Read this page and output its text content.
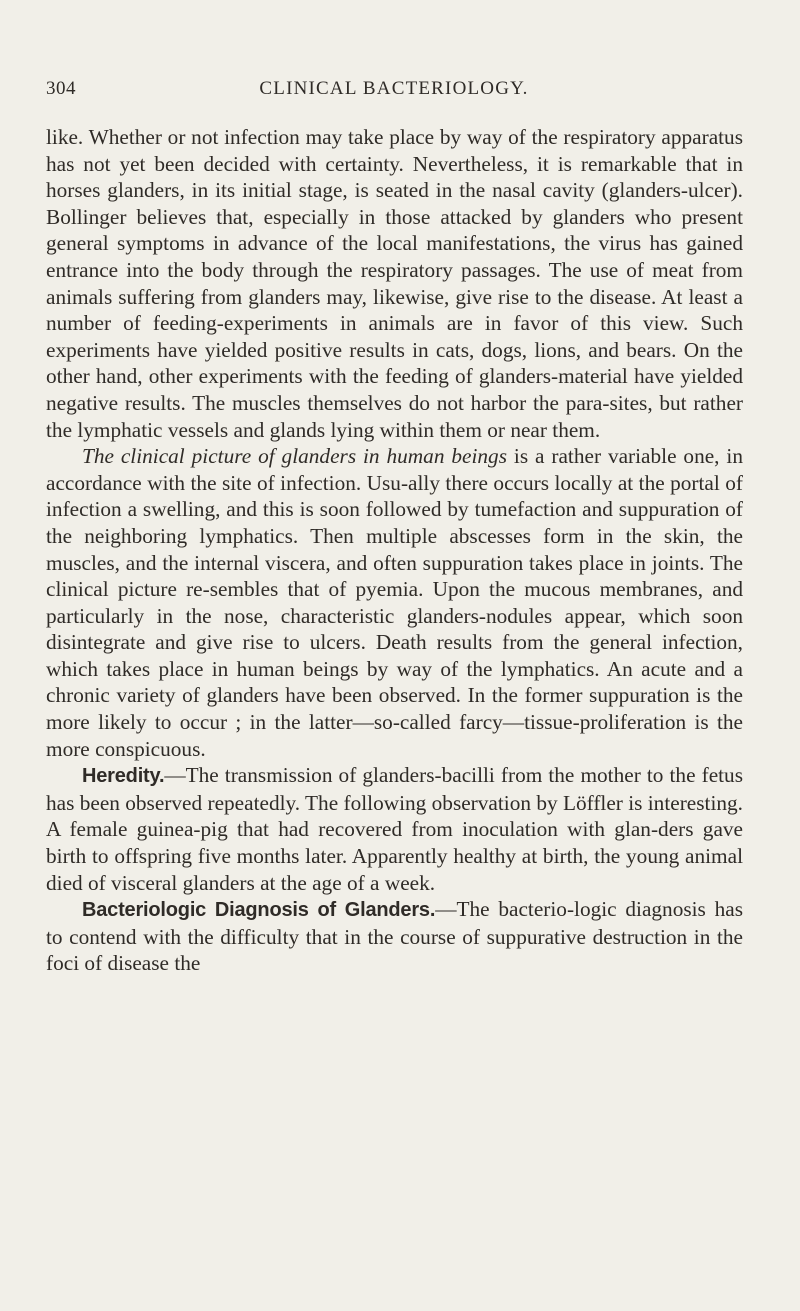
304	CLINICAL BACTERIOLOGY.

like. Whether or not infection may take place by way of the respiratory apparatus has not yet been decided with certainty. Nevertheless, it is remarkable that in horses glanders, in its initial stage, is seated in the nasal cavity (glanders-ulcer). Bollinger believes that, especially in those attacked by glanders who present general symptoms in advance of the local manifestations, the virus has gained entrance into the body through the respiratory passages. The use of meat from animals suffering from glanders may, likewise, give rise to the disease. At least a number of feeding-experiments in animals are in favor of this view. Such experiments have yielded positive results in cats, dogs, lions, and bears. On the other hand, other experiments with the feeding of glanders-material have yielded negative results. The muscles themselves do not harbor the para-sites, but rather the lymphatic vessels and glands lying within them or near them.

The clinical picture of glanders in human beings is a rather variable one, in accordance with the site of infection. Usu-ally there occurs locally at the portal of infection a swelling, and this is soon followed by tumefaction and suppuration of the neighboring lymphatics. Then multiple abscesses form in the skin, the muscles, and the internal viscera, and often suppuration takes place in joints. The clinical picture re-sembles that of pyemia. Upon the mucous membranes, and particularly in the nose, characteristic glanders-nodules appear, which soon disintegrate and give rise to ulcers. Death results from the general infection, which takes place in human beings by way of the lymphatics. An acute and a chronic variety of glanders have been observed. In the former suppuration is the more likely to occur ; in the latter—so-called farcy—tissue-proliferation is the more conspicuous.

Heredity.—The transmission of glanders-bacilli from the mother to the fetus has been observed repeatedly. The following observation by Löffler is interesting. A female guinea-pig that had recovered from inoculation with glan-ders gave birth to offspring five months later. Apparently healthy at birth, the young animal died of visceral glanders at the age of a week.

Bacteriologic Diagnosis of Glanders.—The bacterio-logic diagnosis has to contend with the difficulty that in the course of suppurative destruction in the foci of disease the
